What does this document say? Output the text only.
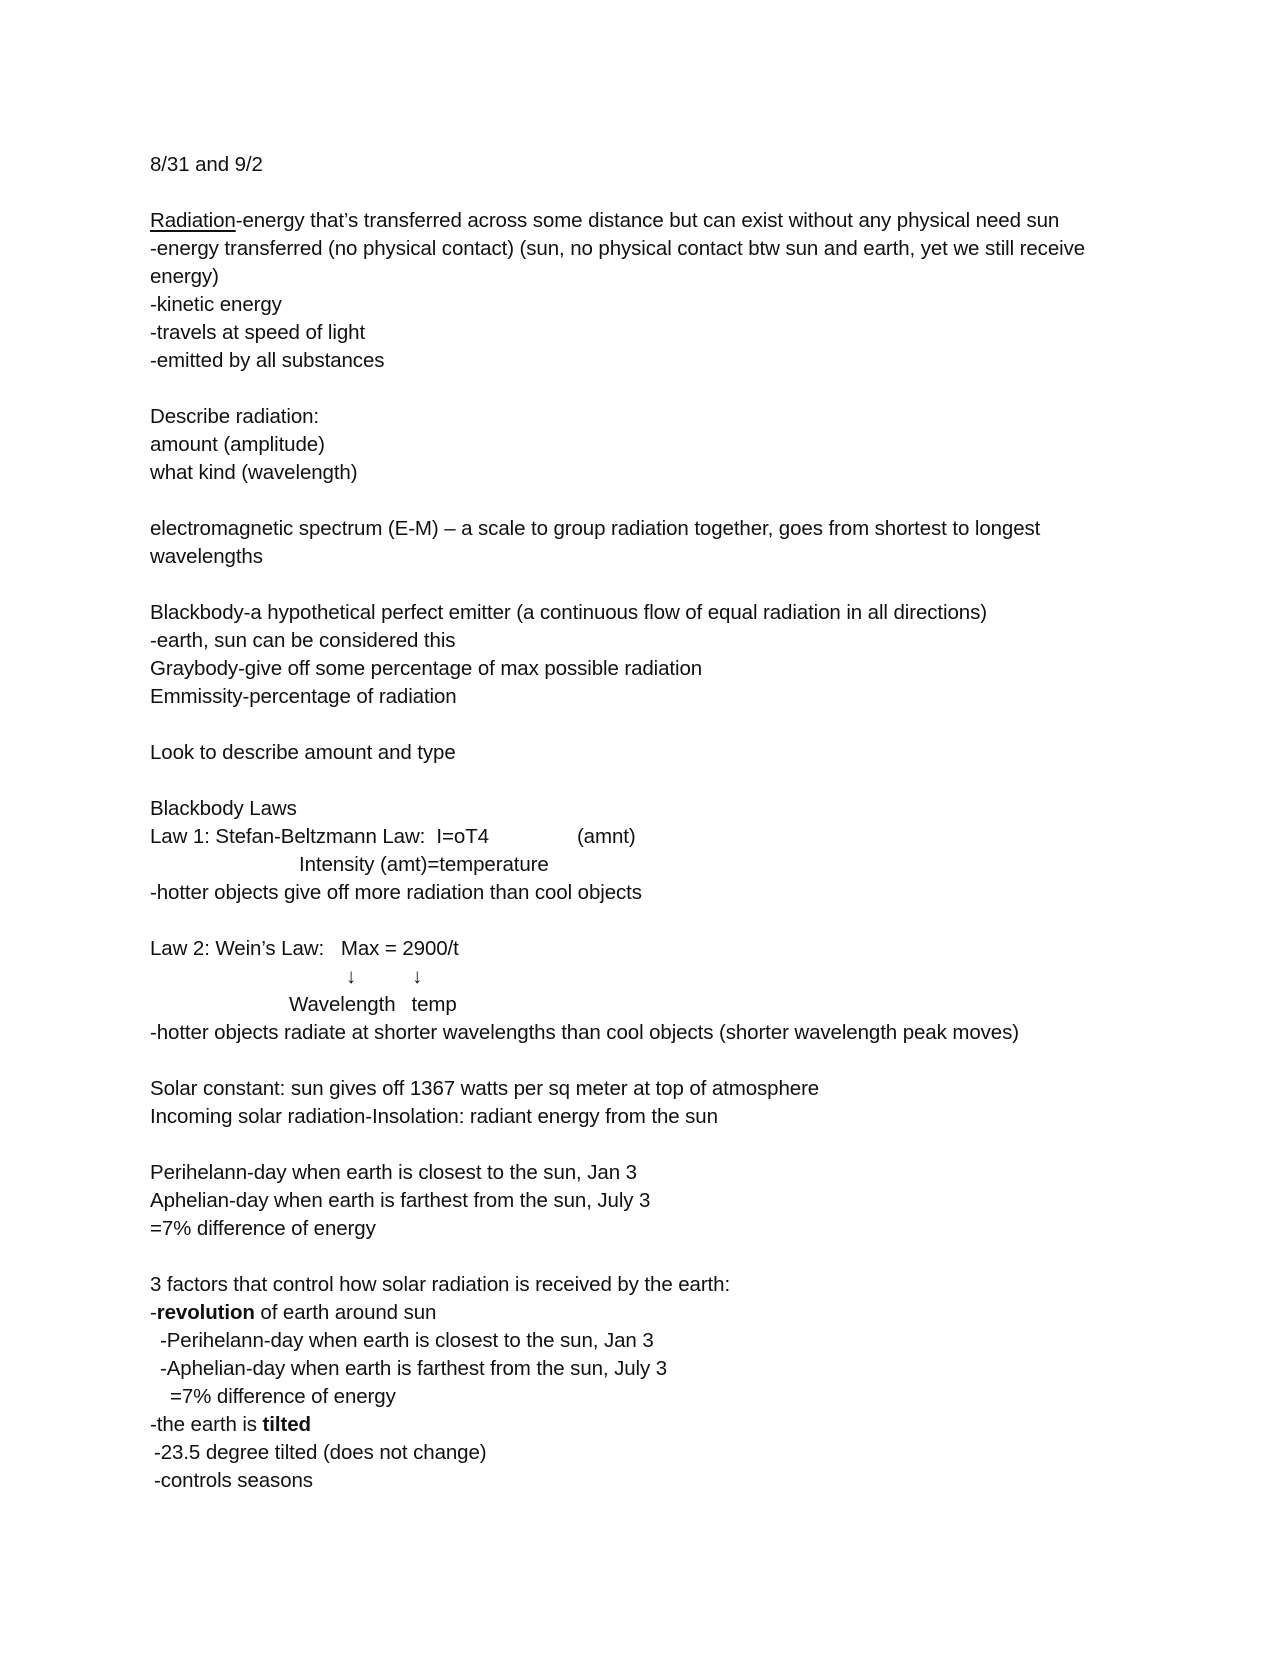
8/31 and 9/2
Radiation-energy that’s transferred across some distance but can exist without any physical need sun
-energy transferred (no physical contact) (sun, no physical contact btw sun and earth, yet we still receive
energy)
-kinetic energy
-travels at speed of light
-emitted by all substances
Describe radiation:
amount (amplitude)
what kind (wavelength)
electromagnetic spectrum (E-M) – a scale to group radiation together, goes from shortest to longest
wavelengths
Blackbody-a hypothetical perfect emitter (a continuous flow of equal radiation in all directions)
-earth, sun can be considered this
Graybody-give off some percentage of max possible radiation
Emmissity-percentage of radiation
Look to describe amount and type
Blackbody Laws
Law 1: Stefan-Beltzmann Law:  I=oT4	(amnt)
Intensity (amt)=temperature
-hotter objects give off more radiation than cool objects
Law 2: Wein’s Law:   Max = 2900/t
↓	↓
Wavelength temp
-hotter objects radiate at shorter wavelengths than cool objects (shorter wavelength peak moves)
Solar constant: sun gives off 1367 watts per sq meter at top of atmosphere
Incoming solar radiation-Insolation: radiant energy from the sun
Perihelann-day when earth is closest to the sun, Jan 3
Aphelian-day when earth is farthest from the sun, July 3
=7% difference of energy
3 factors that control how solar radiation is received by the earth:
-revolution of earth around sun
-Perihelann-day when earth is closest to the sun, Jan 3
-Aphelian-day when earth is farthest from the sun, July 3
=7% difference of energy
-the earth is tilted
-23.5 degree tilted (does not change)
-controls seasons
